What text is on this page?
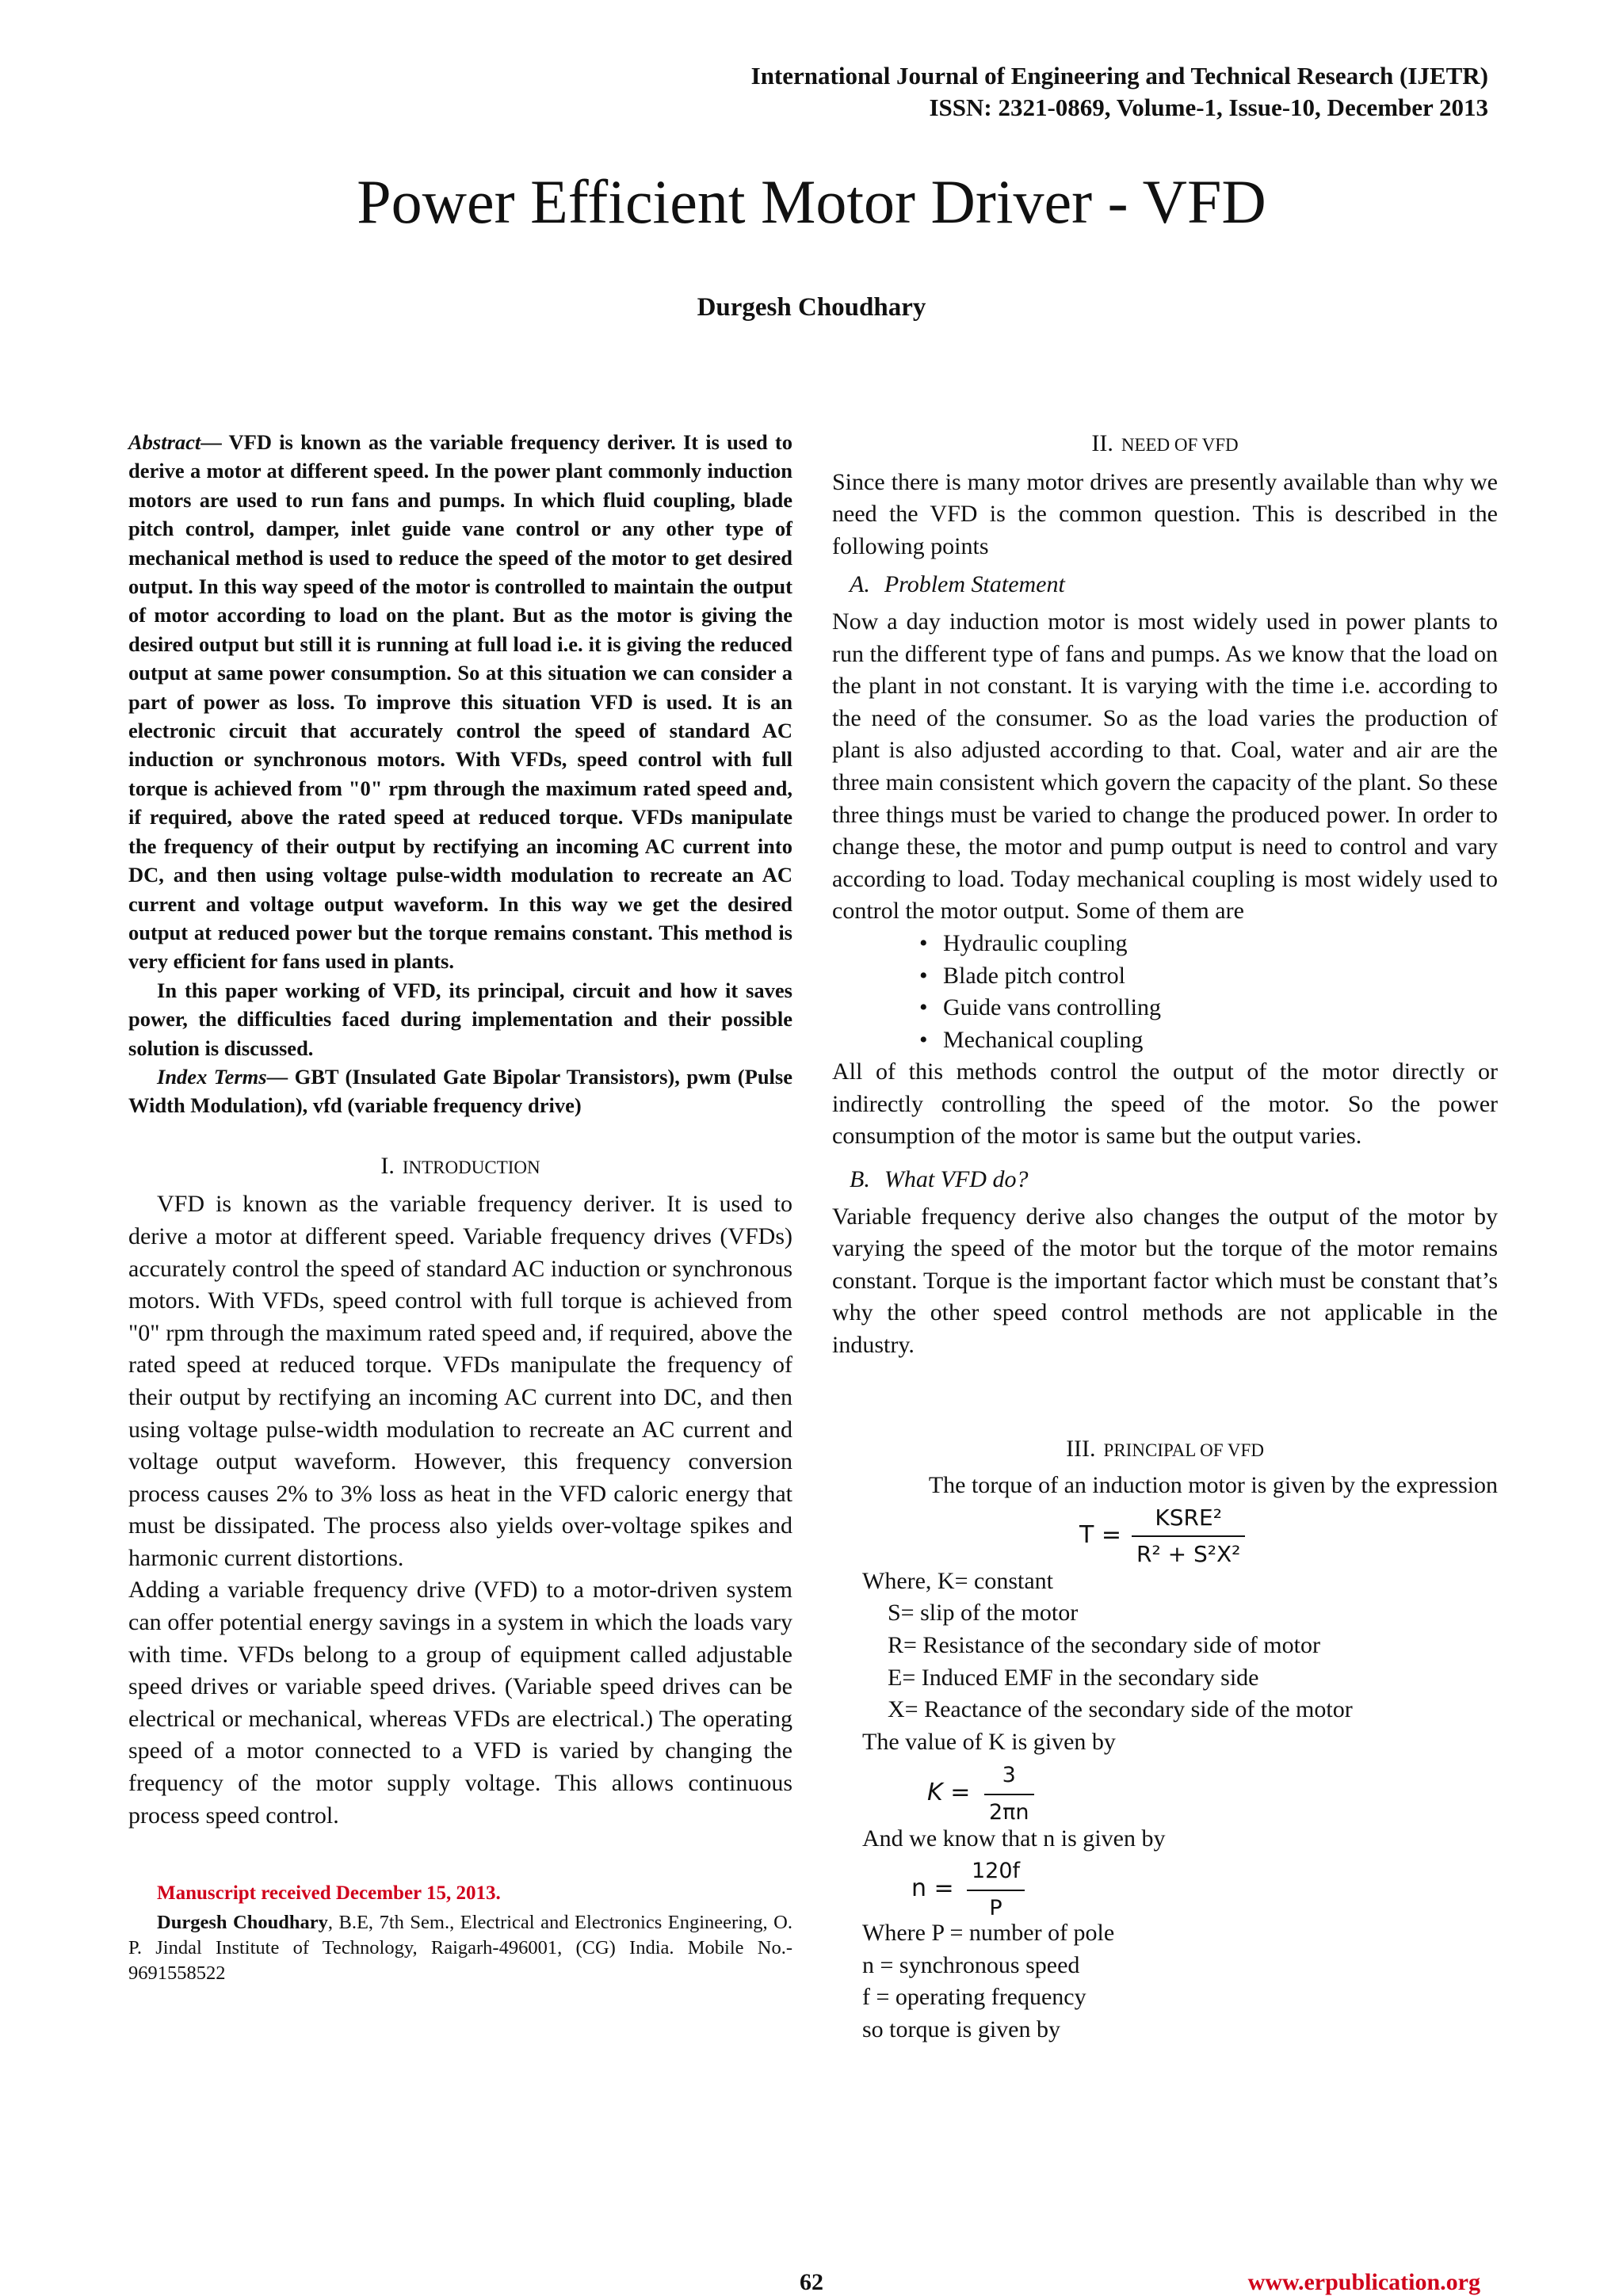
International Journal of Engineering and Technical Research (IJETR)
ISSN: 2321-0869, Volume-1, Issue-10, December 2013
Power Efficient Motor Driver - VFD
Durgesh Choudhary

Abstract— VFD is known as the variable frequency deriver. It is used to derive a motor at different speed. In the power plant commonly induction motors are used to run fans and pumps. In which fluid coupling, blade pitch control, damper, inlet guide vane control or any other type of mechanical method is used to reduce the speed of the motor to get desired output. In this way speed of the motor is controlled to maintain the output of motor according to load on the plant. But as the motor is giving the desired output but still it is running at full load i.e. it is giving the reduced output at same power consumption. So at this situation we can consider a part of power as loss. To improve this situation VFD is used. It is an electronic circuit that accurately control the speed of standard AC induction or synchronous motors. With VFDs, speed control with full torque is achieved from "0" rpm through the maximum rated speed and, if required, above the rated speed at reduced torque. VFDs manipulate the frequency of their output by rectifying an incoming AC current into DC, and then using voltage pulse-width modulation to recreate an AC current and voltage output waveform. In this way we get the desired output at reduced power but the torque remains constant. This method is very efficient for fans used in plants.

In this paper working of VFD, its principal, circuit and how it saves power, the difficulties faced during implementation and their possible solution is discussed.

Index Terms— GBT (Insulated Gate Bipolar Transistors), pwm (Pulse Width Modulation), vfd (variable frequency drive)

I. INTRODUCTION

VFD is known as the variable frequency deriver. It is used to derive a motor at different speed. Variable frequency drives (VFDs) accurately control the speed of standard AC induction or synchronous motors. With VFDs, speed control with full torque is achieved from "0" rpm through the maximum rated speed and, if required, above the rated speed at reduced torque. VFDs manipulate the frequency of their output by rectifying an incoming AC current into DC, and then using voltage pulse-width modulation to recreate an AC current and voltage output waveform. However, this frequency conversion process causes 2% to 3% loss as heat in the VFD caloric energy that must be dissipated. The process also yields over-voltage spikes and harmonic current distortions.

Adding a variable frequency drive (VFD) to a motor-driven system can offer potential energy savings in a system in which the loads vary with time. VFDs belong to a group of equipment called adjustable speed drives or variable speed drives. (Variable speed drives can be electrical or mechanical, whereas VFDs are electrical.) The operating speed of a motor connected to a VFD is varied by changing the frequency of the motor supply voltage. This allows continuous process speed control.

Manuscript received December 15, 2013.

Durgesh Choudhary, B.E, 7th Sem., Electrical and Electronics Engineering, O. P. Jindal Institute of Technology, Raigarh-496001, (CG) India. Mobile No.- 9691558522

II. NEED OF VFD

Since there is many motor drives are presently available than why we need the VFD is the common question. This is described in the following points

A. Problem Statement

Now a day induction motor is most widely used in power plants to run the different type of fans and pumps. As we know that the load on the plant in not constant. It is varying with the time i.e. according to the need of the consumer. So as the load varies the production of plant is also adjusted according to that. Coal, water and air are the three main consistent which govern the capacity of the plant. So these three things must be varied to change the produced power. In order to change these, the motor and pump output is need to control and vary according to load. Today mechanical coupling is most widely used to control the motor output. Some of them are

• Hydraulic coupling
• Blade pitch control
• Guide vans controlling
• Mechanical coupling

All of this methods control the output of the motor directly or indirectly controlling the speed of the motor. So the power consumption of the motor is same but the output varies.

B. What VFD do?

Variable frequency derive also changes the output of the motor by varying the speed of the motor but the torque of the motor remains constant. Torque is the important factor which must be constant that’s why the other speed control methods are not applicable in the industry.

III. PRINCIPAL OF VFD

The torque of an induction motor is given by the expression

T =
KSRE²
R² + S²X²
Where, K= constant
S= slip of the motor
R= Resistance of the secondary side of motor
E= Induced EMF in the secondary side
X= Reactance of the secondary side of the motor
The value of K is given by
K =
3
2πn
And we know that n is given by
n =
120f
P
Where P = number of pole
n = synchronous speed
f = operating frequency
so torque is given by
62	www.erpublication.org
